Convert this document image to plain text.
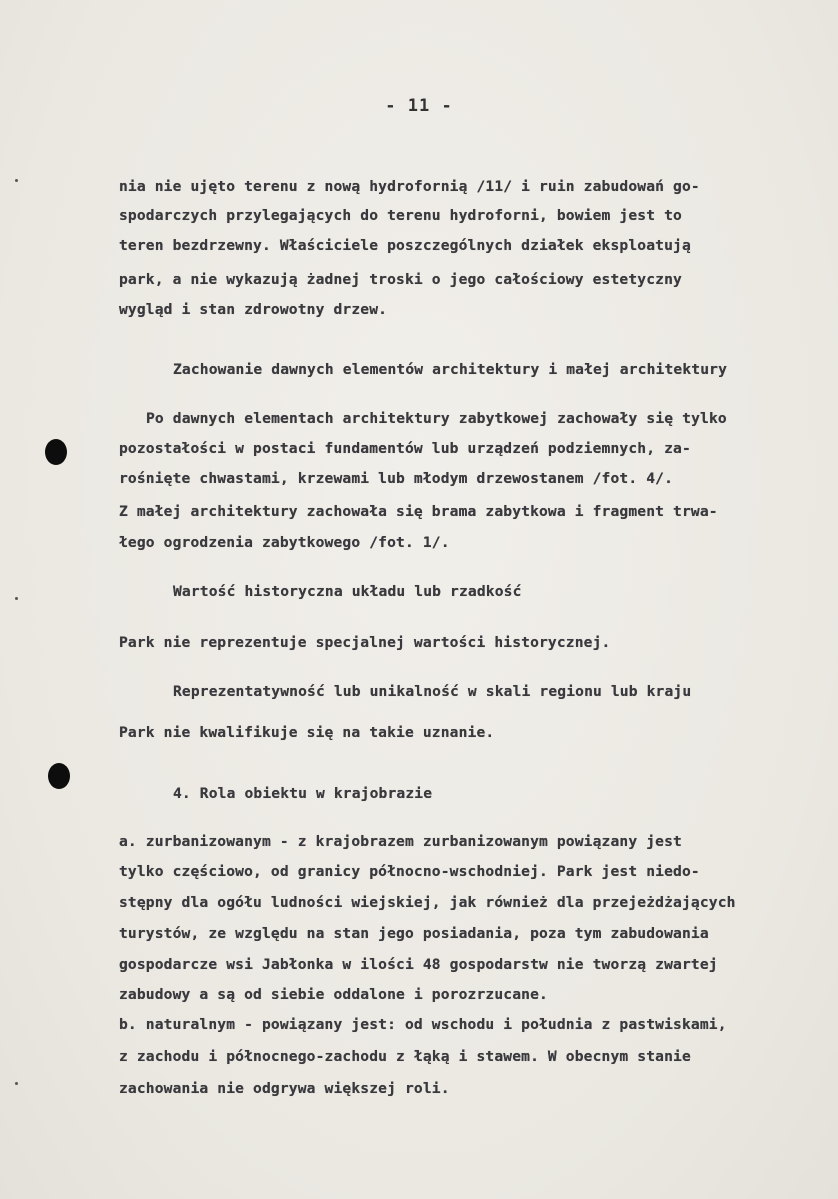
- 11 -
nia nie ujęto terenu z nową hydrofornią /11/ i ruin zabudowań go-
spodarczych przylegających do terenu hydroforni, bowiem jest to
teren bezdrzewny. Właściciele poszczególnych działek eksploatują
park, a nie wykazują żadnej troski o jego całościowy estetyczny
wygląd i stan zdrowotny drzew.
Zachowanie dawnych elementów architektury i małej architektury
Po dawnych elementach architektury zabytkowej zachowały się tylko
pozostałości w postaci fundamentów lub urządzeń podziemnych, za-
rośnięte chwastami, krzewami lub młodym drzewostanem /fot. 4/.
Z małej architektury zachowała się brama zabytkowa i fragment trwa-
łego ogrodzenia zabytkowego /fot. 1/.
Wartość historyczna układu lub rzadkość
Park nie reprezentuje specjalnej wartości historycznej.
Reprezentatywność lub unikalność w skali regionu lub kraju
Park nie kwalifikuje się na takie uznanie.
4. Rola obiektu w krajobrazie
a. zurbanizowanym - z krajobrazem zurbanizowanym powiązany jest
tylko częściowo, od granicy północno-wschodniej. Park jest niedo-
stępny dla ogółu ludności wiejskiej, jak również dla przejeżdżających
turystów, ze względu na stan jego posiadania, poza tym zabudowania
gospodarcze wsi Jabłonka w ilości 48 gospodarstw nie tworzą zwartej
zabudowy a są od siebie oddalone i porozrzucane.
b. naturalnym - powiązany jest: od wschodu i południa z pastwiskami,
z zachodu i północnego-zachodu z łąką i stawem. W obecnym stanie
zachowania nie odgrywa większej roli.
